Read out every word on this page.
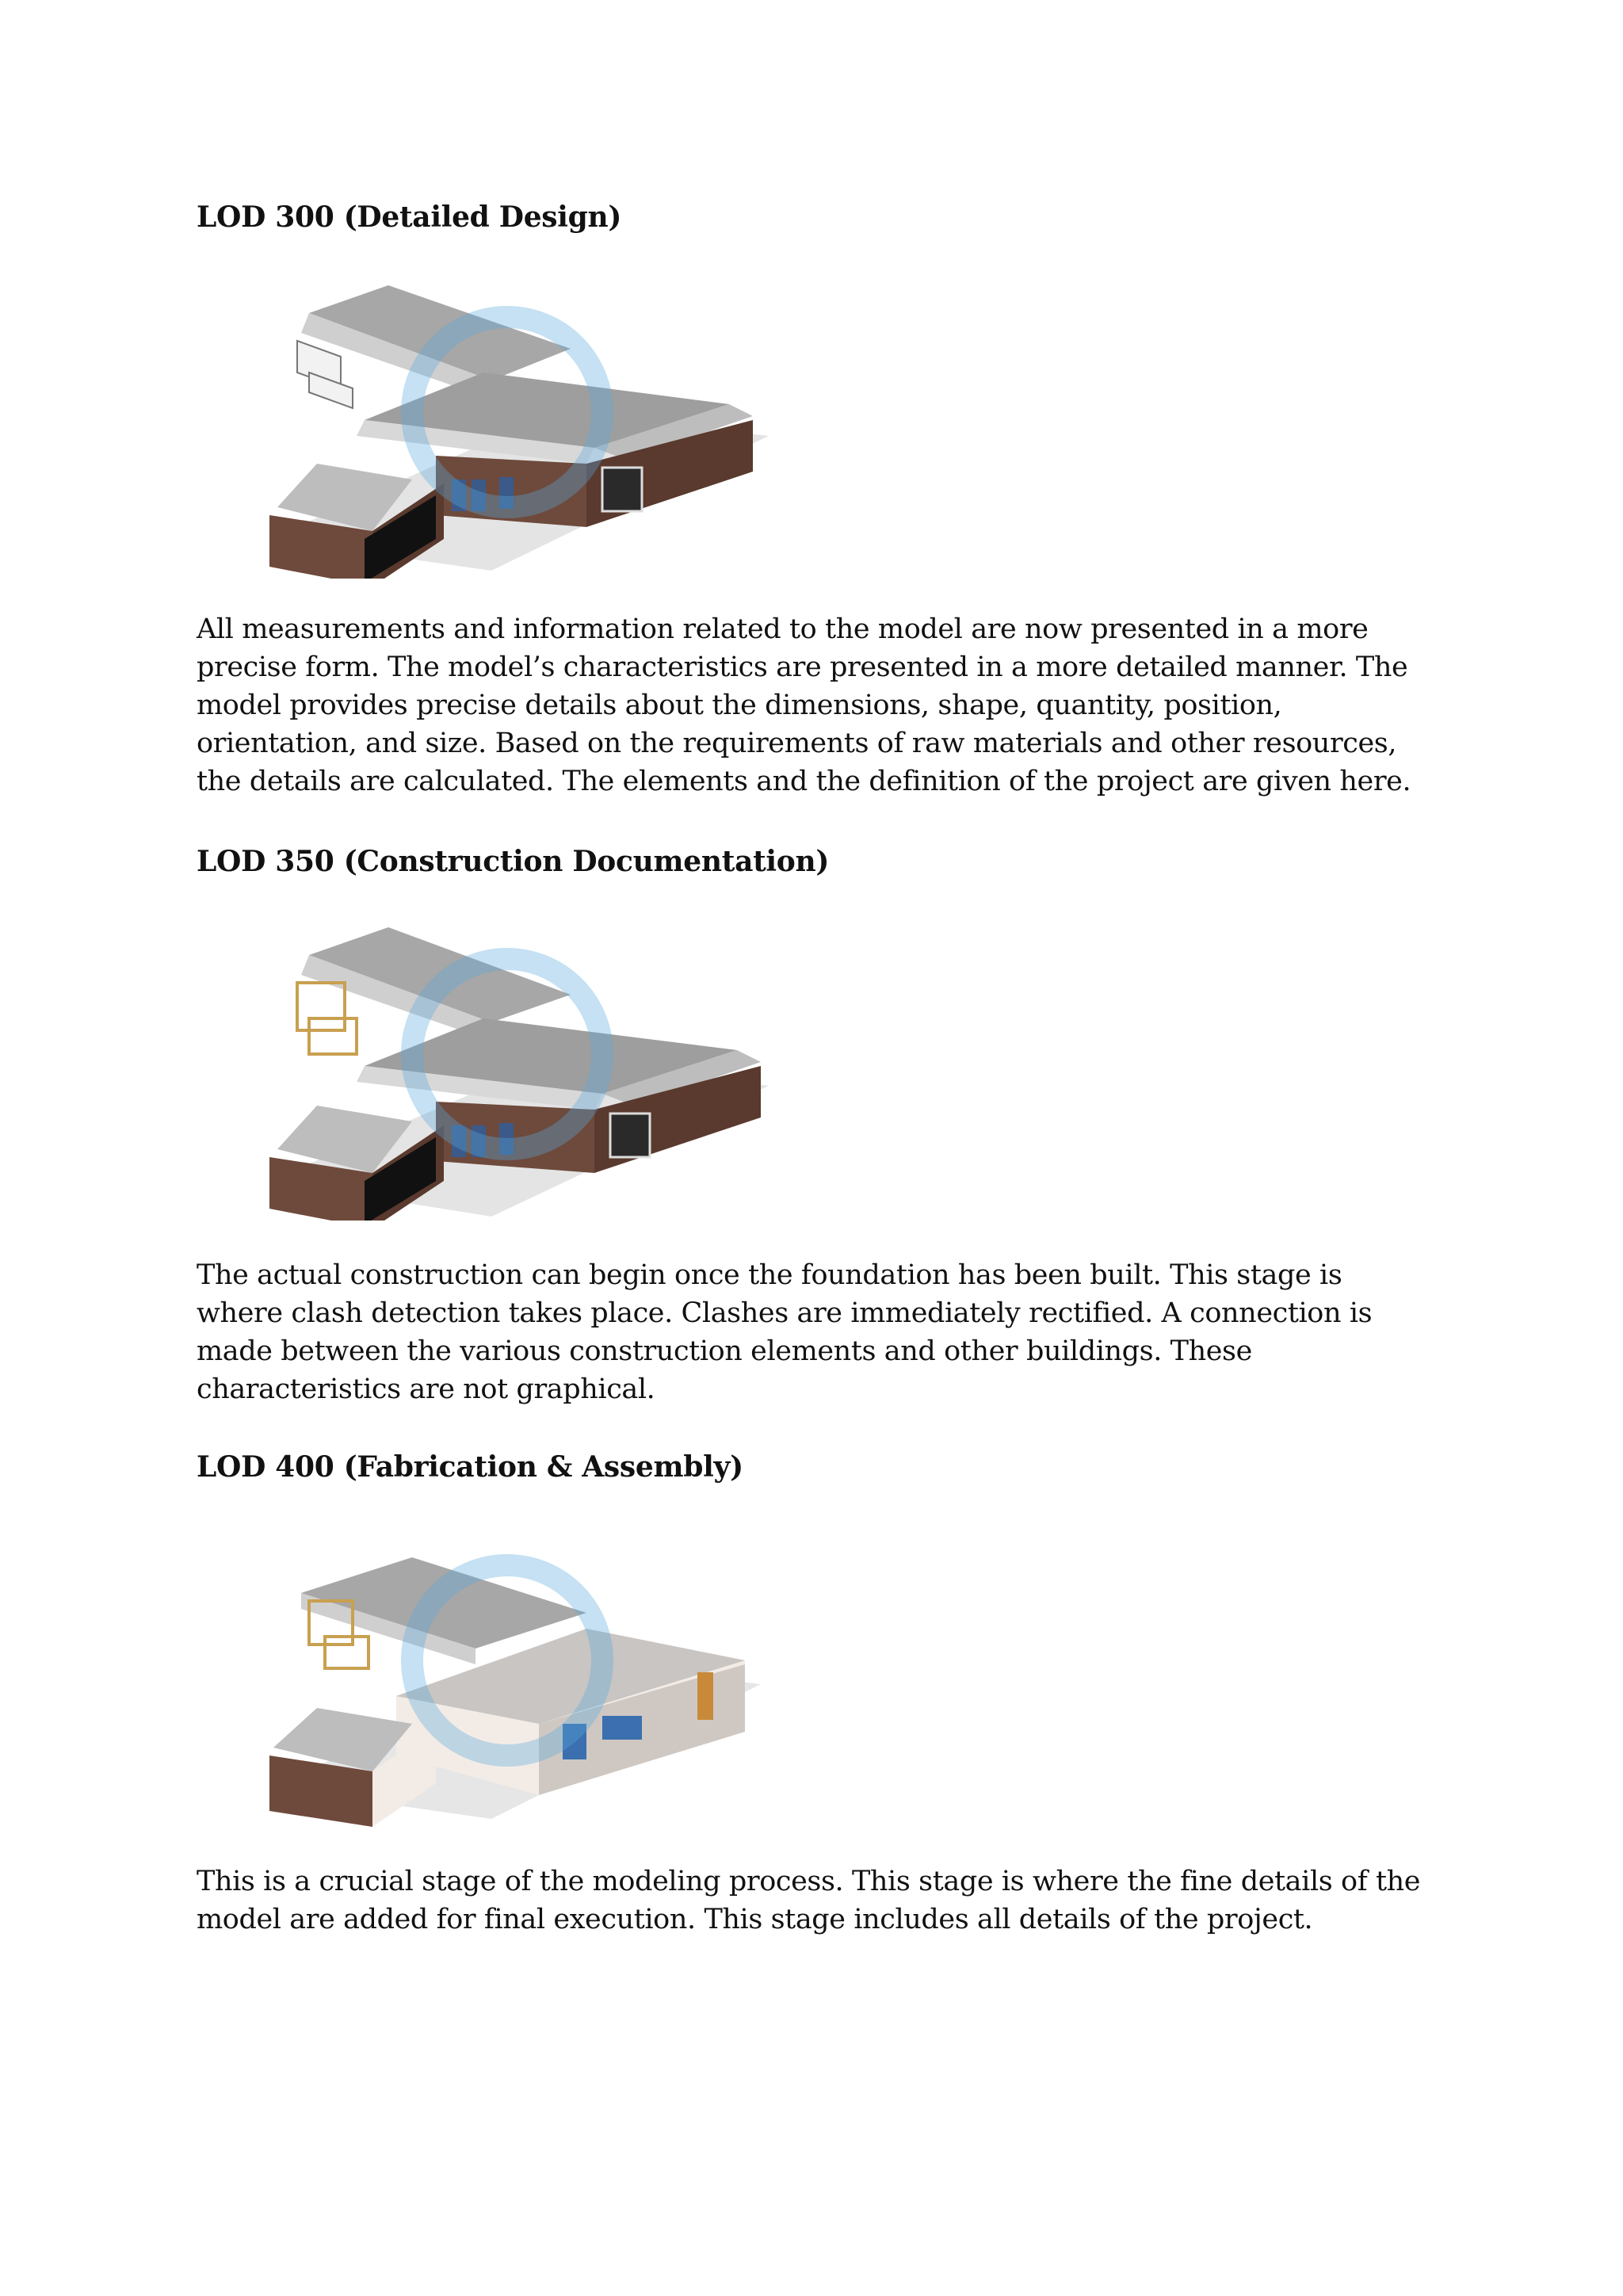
LOD 300 (Detailed Design)

All measurements and information related to the model are now presented in a more
precise form. The model’s characteristics are presented in a more detailed manner. The
model provides precise details about the dimensions, shape, quantity, position,
orientation, and size. Based on the requirements of raw materials and other resources,
the details are calculated. The elements and the definition of the project are given here.

LOD 350 (Construction Documentation)

The actual construction can begin once the foundation has been built. This stage is
where clash detection takes place. Clashes are immediately rectified. A connection is
made between the various construction elements and other buildings. These
characteristics are not graphical.

LOD 400 (Fabrication & Assembly)

This is a crucial stage of the modeling process. This stage is where the fine details of the
model are added for final execution. This stage includes all details of the project.
